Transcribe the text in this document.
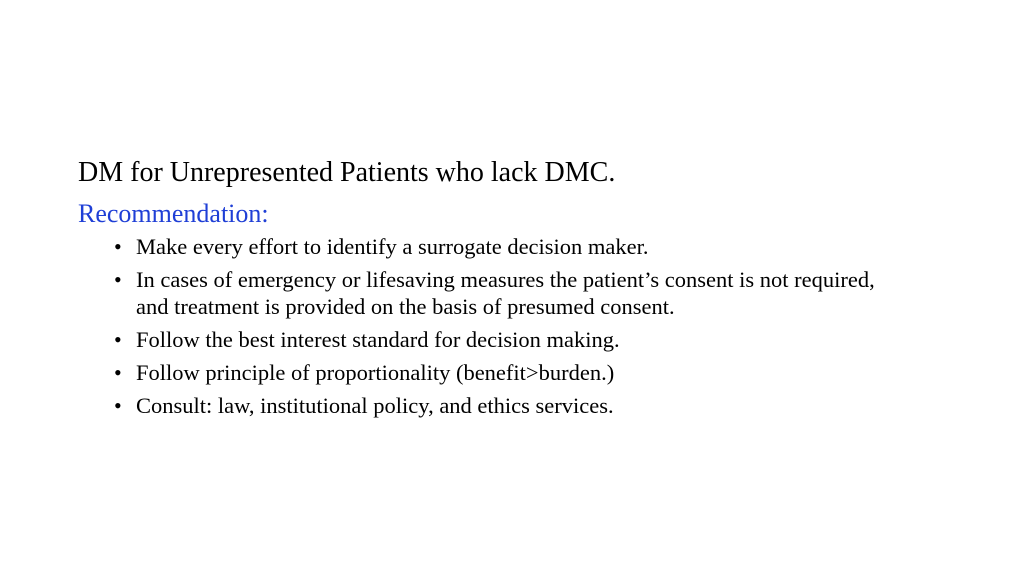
DM for Unrepresented Patients who lack DMC.
Recommendation:
• Make every effort to identify a surrogate decision maker.
• In cases of emergency or lifesaving measures the patient’s consent is not required, and treatment is provided on the basis of presumed consent.
• Follow the best interest standard for decision making.
• Follow principle of proportionality (benefit>burden.)
• Consult: law, institutional policy, and ethics services.
